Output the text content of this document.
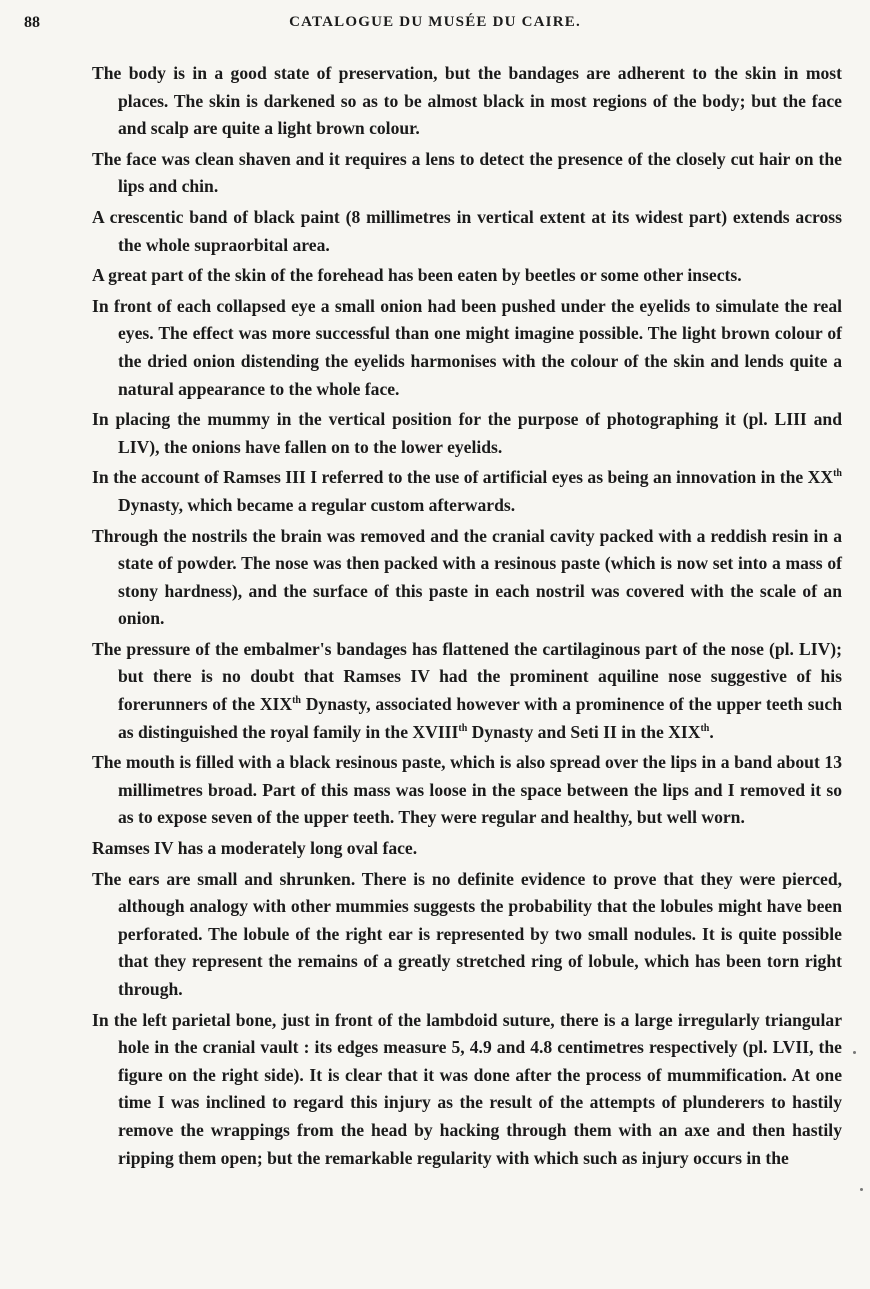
88	CATALOGUE DU MUSÉE DU CAIRE.

The body is in a good state of preservation, but the bandages are adherent to the skin in most places. The skin is darkened so as to be almost black in most regions of the body; but the face and scalp are quite a light brown colour.

The face was clean shaven and it requires a lens to detect the presence of the closely cut hair on the lips and chin.

A crescentic band of black paint (8 millimetres in vertical extent at its widest part) extends across the whole supraorbital area.

A great part of the skin of the forehead has been eaten by beetles or some other insects.

In front of each collapsed eye a small onion had been pushed under the eyelids to simulate the real eyes. The effect was more successful than one might imagine possible. The light brown colour of the dried onion distending the eyelids harmonises with the colour of the skin and lends quite a natural appearance to the whole face.

In placing the mummy in the vertical position for the purpose of photographing it (pl. LIII and LIV), the onions have fallen on to the lower eyelids.

In the account of Ramses III I referred to the use of artificial eyes as being an innovation in the XXth Dynasty, which became a regular custom afterwards.

Through the nostrils the brain was removed and the cranial cavity packed with a reddish resin in a state of powder. The nose was then packed with a resinous paste (which is now set into a mass of stony hardness), and the surface of this paste in each nostril was covered with the scale of an onion.

The pressure of the embalmer's bandages has flattened the cartilaginous part of the nose (pl. LIV); but there is no doubt that Ramses IV had the prominent aquiline nose suggestive of his forerunners of the XIXth Dynasty, associated however with a prominence of the upper teeth such as distinguished the royal family in the XVIIIth Dynasty and Seti II in the XIXth.

The mouth is filled with a black resinous paste, which is also spread over the lips in a band about 13 millimetres broad. Part of this mass was loose in the space between the lips and I removed it so as to expose seven of the upper teeth. They were regular and healthy, but well worn.

Ramses IV has a moderately long oval face.

The ears are small and shrunken. There is no definite evidence to prove that they were pierced, although analogy with other mummies suggests the probability that the lobules might have been perforated. The lobule of the right ear is represented by two small nodules. It is quite possible that they represent the remains of a greatly stretched ring of lobule, which has been torn right through.

In the left parietal bone, just in front of the lambdoid suture, there is a large irregularly triangular hole in the cranial vault : its edges measure 5, 4.9 and 4.8 centimetres respectively (pl. LVII, the figure on the right side). It is clear that it was done after the process of mummification. At one time I was inclined to regard this injury as the result of the attempts of plunderers to hastily remove the wrappings from the head by hacking through them with an axe and then hastily ripping them open; but the remarkable regularity with which such as injury occurs in the
